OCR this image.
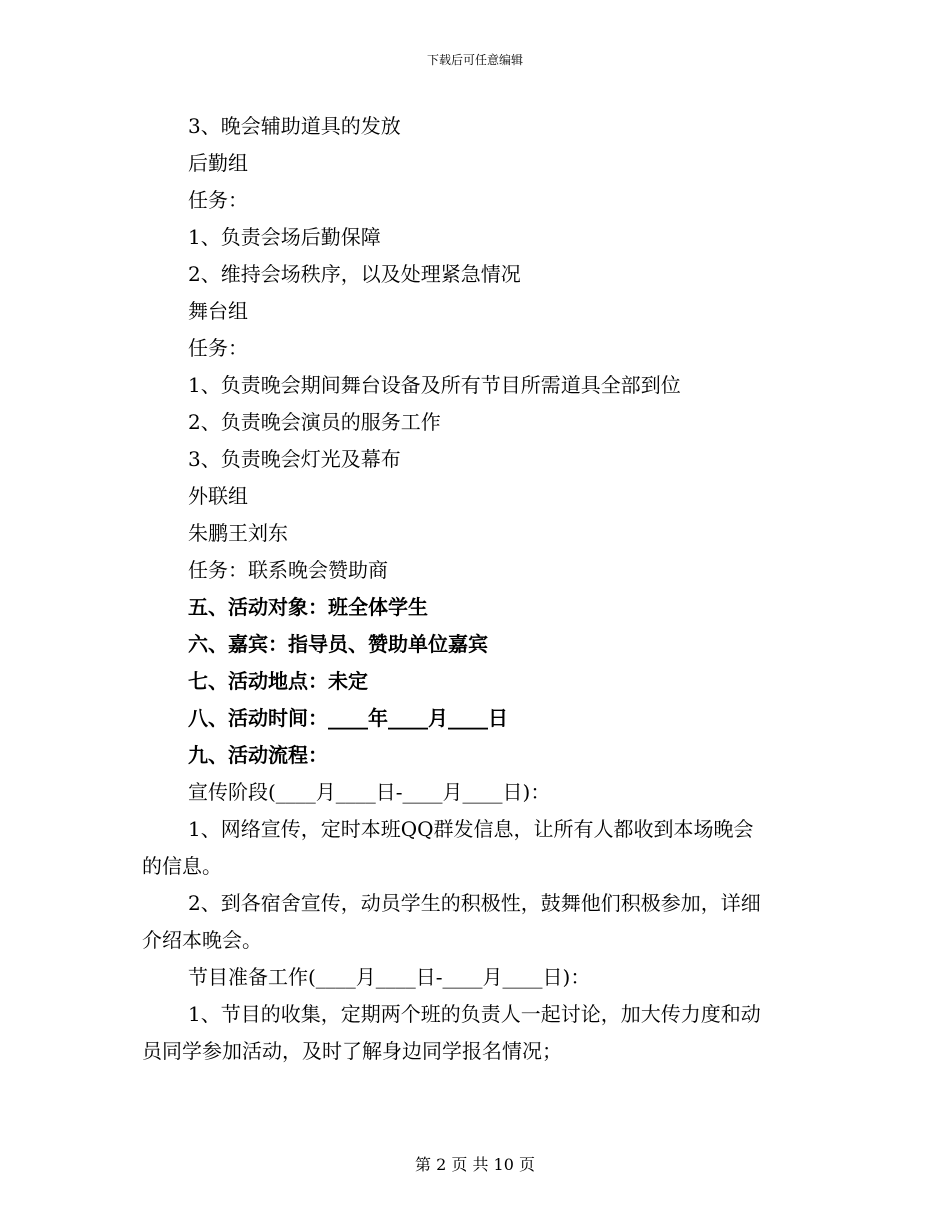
下载后可任意编辑
3、晚会辅助道具的发放
后勤组
任务：
1、负责会场后勤保障
2、维持会场秩序，以及处理紧急情况
舞台组
任务：
1、负责晚会期间舞台设备及所有节目所需道具全部到位
2、负责晚会演员的服务工作
3、负责晚会灯光及幕布
外联组
朱鹏王刘东
任务：联系晚会赞助商
五、活动对象：班全体学生
六、嘉宾：指导员、赞助单位嘉宾
七、活动地点：未定
八、活动时间：____年____月____日
九、活动流程：
宣传阶段(____月____日-____月____日)：
1、网络宣传，定时本班QQ群发信息，让所有人都收到本场晚会
的信息。
2、到各宿舍宣传，动员学生的积极性，鼓舞他们积极参加，详细
介绍本晚会。
节目准备工作(____月____日-____月____日)：
1、节目的收集，定期两个班的负责人一起讨论，加大传力度和动
员同学参加活动，及时了解身边同学报名情况；
第 2 页 共 10 页
